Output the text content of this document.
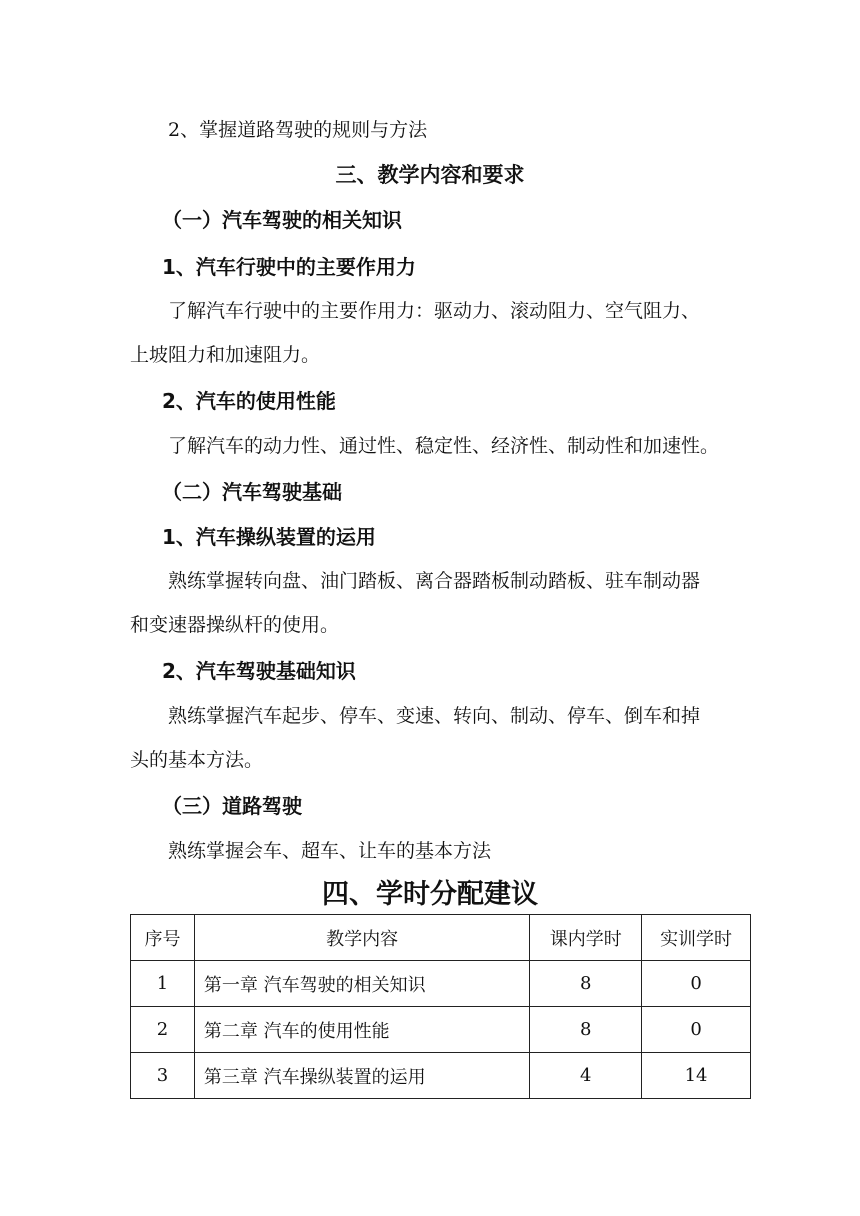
2、掌握道路驾驶的规则与方法
三、教学内容和要求
（一）汽车驾驶的相关知识
1、汽车行驶中的主要作用力
了解汽车行驶中的主要作用力：驱动力、滚动阻力、空气阻力、
上坡阻力和加速阻力。
2、汽车的使用性能
了解汽车的动力性、通过性、稳定性、经济性、制动性和加速性。
（二）汽车驾驶基础
1、汽车操纵装置的运用
熟练掌握转向盘、油门踏板、离合器踏板制动踏板、驻车制动器
和变速器操纵杆的使用。
2、汽车驾驶基础知识
熟练掌握汽车起步、停车、变速、转向、制动、停车、倒车和掉
头的基本方法。
（三）道路驾驶
熟练掌握会车、超车、让车的基本方法
四、学时分配建议
序号	教学内容	课内学时	实训学时
1	第一章 汽车驾驶的相关知识	8	0
2	第二章 汽车的使用性能	8	0
3	第三章 汽车操纵装置的运用	4	14
